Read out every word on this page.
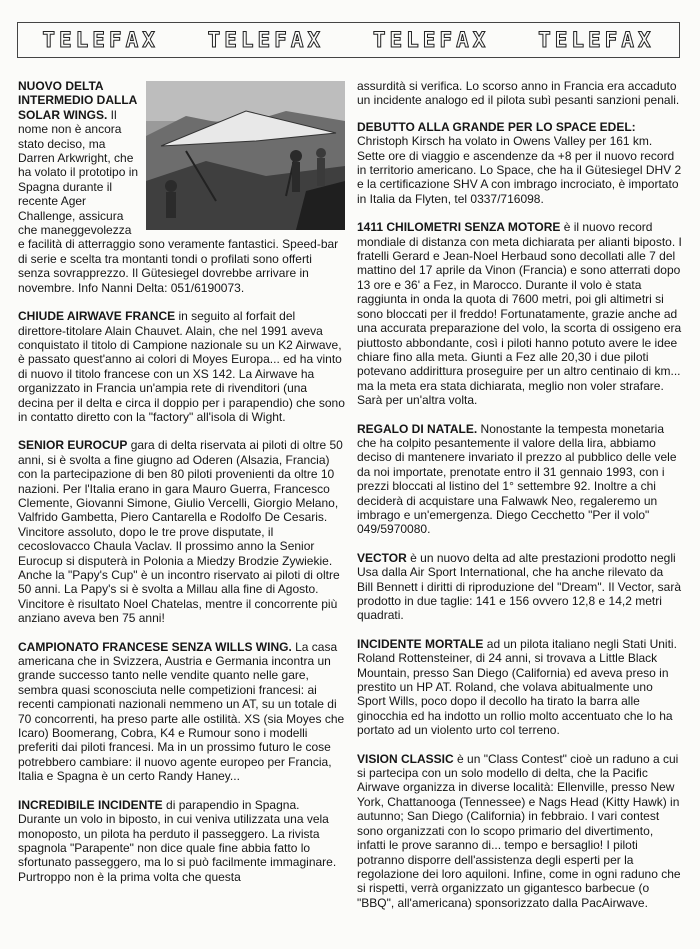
TELEFAX TELEFAX TELEFAX TELEFAX
NUOVO DELTA INTERMEDIO DALLA SOLAR WINGS. Il nome non è ancora stato deciso, ma Darren Arkwright, che ha volato il prototipo in Spagna durante il recente Ager Challenge, assicura che maneggevolezza e facilità di atterraggio sono veramente fantastici. Speed-bar di serie e scelta tra montanti tondi o profilati sono offerti senza sovrapprezzo. Il Gütesiegel dovrebbe arrivare in novembre. Info Nanni Delta: 051/6190073.
CHIUDE AIRWAVE FRANCE in seguito al forfait del direttore-titolare Alain Chauvet. Alain, che nel 1991 aveva conquistato il titolo di Campione nazionale su un K2 Airwave, è passato quest'anno ai colori di Moyes Europa... ed ha vinto di nuovo il titolo francese con un XS 142. La Airwave ha organizzato in Francia un'ampia rete di rivenditori (una decina per il delta e circa il doppio per i parapendio) che sono in contatto diretto con la "factory" all'isola di Wight.
SENIOR EUROCUP gara di delta riservata ai piloti di oltre 50 anni, si è svolta a fine giugno ad Oderen (Alsazia, Francia) con la partecipazione di ben 80 piloti provenienti da oltre 10 nazioni. Per l'Italia erano in gara Mauro Guerra, Francesco Clemente, Giovanni Simone, Giulio Vercelli, Giorgio Melano, Valfrido Gambetta, Piero Cantarella e Rodolfo De Cesaris. Vincitore assoluto, dopo le tre prove disputate, il cecoslovacco Chaula Vaclav. Il prossimo anno la Senior Eurocup si disputerà in Polonia a Miedzy Brodzie Zywiekie.
Anche la "Papy's Cup" è un incontro riservato ai piloti di oltre 50 anni. La Papy's si è svolta a Millau alla fine di Agosto. Vincitore è risultato Noel Chatelas, mentre il concorrente più anziano aveva ben 75 anni!
CAMPIONATO FRANCESE SENZA WILLS WING. La casa americana che in Svizzera, Austria e Germania incontra un grande successo tanto nelle vendite quanto nelle gare, sembra quasi sconosciuta nelle competizioni francesi: ai recenti campionati nazionali nemmeno un AT, su un totale di 70 concorrenti, ha preso parte alle ostilità. XS (sia Moyes che Icaro) Boomerang, Cobra, K4 e Rumour sono i modelli preferiti dai piloti francesi. Ma in un prossimo futuro le cose potrebbero cambiare: il nuovo agente europeo per Francia, Italia e Spagna è un certo Randy Haney...
INCREDIBILE INCIDENTE di parapendio in Spagna. Durante un volo in biposto, in cui veniva utilizzata una vela monoposto, un pilota ha perduto il passeggero. La rivista spagnola "Parapente" non dice quale fine abbia fatto lo sfortunato passeggero, ma lo si può facilmente immaginare. Purtroppo non è la prima volta che questa
assurdità si verifica. Lo scorso anno in Francia era accaduto un incidente analogo ed il pilota subì pesanti sanzioni penali.
DEBUTTO ALLA GRANDE PER LO SPACE EDEL: Christoph Kirsch ha volato in Owens Valley per 161 km. Sette ore di viaggio e ascendenze da +8 per il nuovo record in territorio americano. Lo Space, che ha il Gütesiegel DHV 2 e la certificazione SHV A con imbrago incrociato, è importato in Italia da Flyten, tel 0337/716098.
1411 CHILOMETRI SENZA MOTORE è il nuovo record mondiale di distanza con meta dichiarata per alianti biposto. I fratelli Gerard e Jean-Noel Herbaud sono decollati alle 7 del mattino del 17 aprile da Vinon (Francia) e sono atterrati dopo 13 ore e 36' a Fez, in Marocco. Durante il volo è stata raggiunta in onda la quota di 7600 metri, poi gli altimetri si sono bloccati per il freddo! Fortunatamente, grazie anche ad una accurata preparazione del volo, la scorta di ossigeno era piuttosto abbondante, così i piloti hanno potuto avere le idee chiare fino alla meta. Giunti a Fez alle 20,30 i due piloti potevano addirittura proseguire per un altro centinaio di km... ma la meta era stata dichiarata, meglio non voler strafare. Sarà per un'altra volta.
REGALO DI NATALE. Nonostante la tempesta monetaria che ha colpito pesantemente il valore della lira, abbiamo deciso di mantenere invariato il prezzo al pubblico delle vele da noi importate, prenotate entro il 31 gennaio 1993, con i prezzi bloccati al listino del 1° settembre 92. Inoltre a chi deciderà di acquistare una Falwawk Neo, regaleremo un imbrago e un'emergenza. Diego Cecchetto "Per il volo" 049/5970080.
VECTOR è un nuovo delta ad alte prestazioni prodotto negli Usa dalla Air Sport International, che ha anche rilevato da Bill Bennett i diritti di riproduzione del "Dream". Il Vector, sarà prodotto in due taglie: 141 e 156 ovvero 12,8 e 14,2 metri quadrati.
INCIDENTE MORTALE ad un pilota italiano negli Stati Uniti. Roland Rottensteiner, di 24 anni, si trovava a Little Black Mountain, presso San Diego (California) ed aveva preso in prestito un HP AT. Roland, che volava abitualmente uno Sport Wills, poco dopo il decollo ha tirato la barra alle ginocchia ed ha indotto un rollio molto accentuato che lo ha portato ad un violento urto col terreno.
VISION CLASSIC è un "Class Contest" cioè un raduno a cui si partecipa con un solo modello di delta, che la Pacific Airwave organizza in diverse località: Ellenville, presso New York, Chattanooga (Tennessee) e Nags Head (Kitty Hawk) in autunno; San Diego (California) in febbraio. I vari contest sono organizzati con lo scopo primario del divertimento, infatti le prove saranno di... tempo e bersaglio! I piloti potranno disporre dell'assistenza degli esperti per la regolazione dei loro aquiloni. Infine, come in ogni raduno che si rispetti, verrà organizzato un gigantesco barbecue (o "BBQ", all'americana) sponsorizzato dalla PacAirwave.
